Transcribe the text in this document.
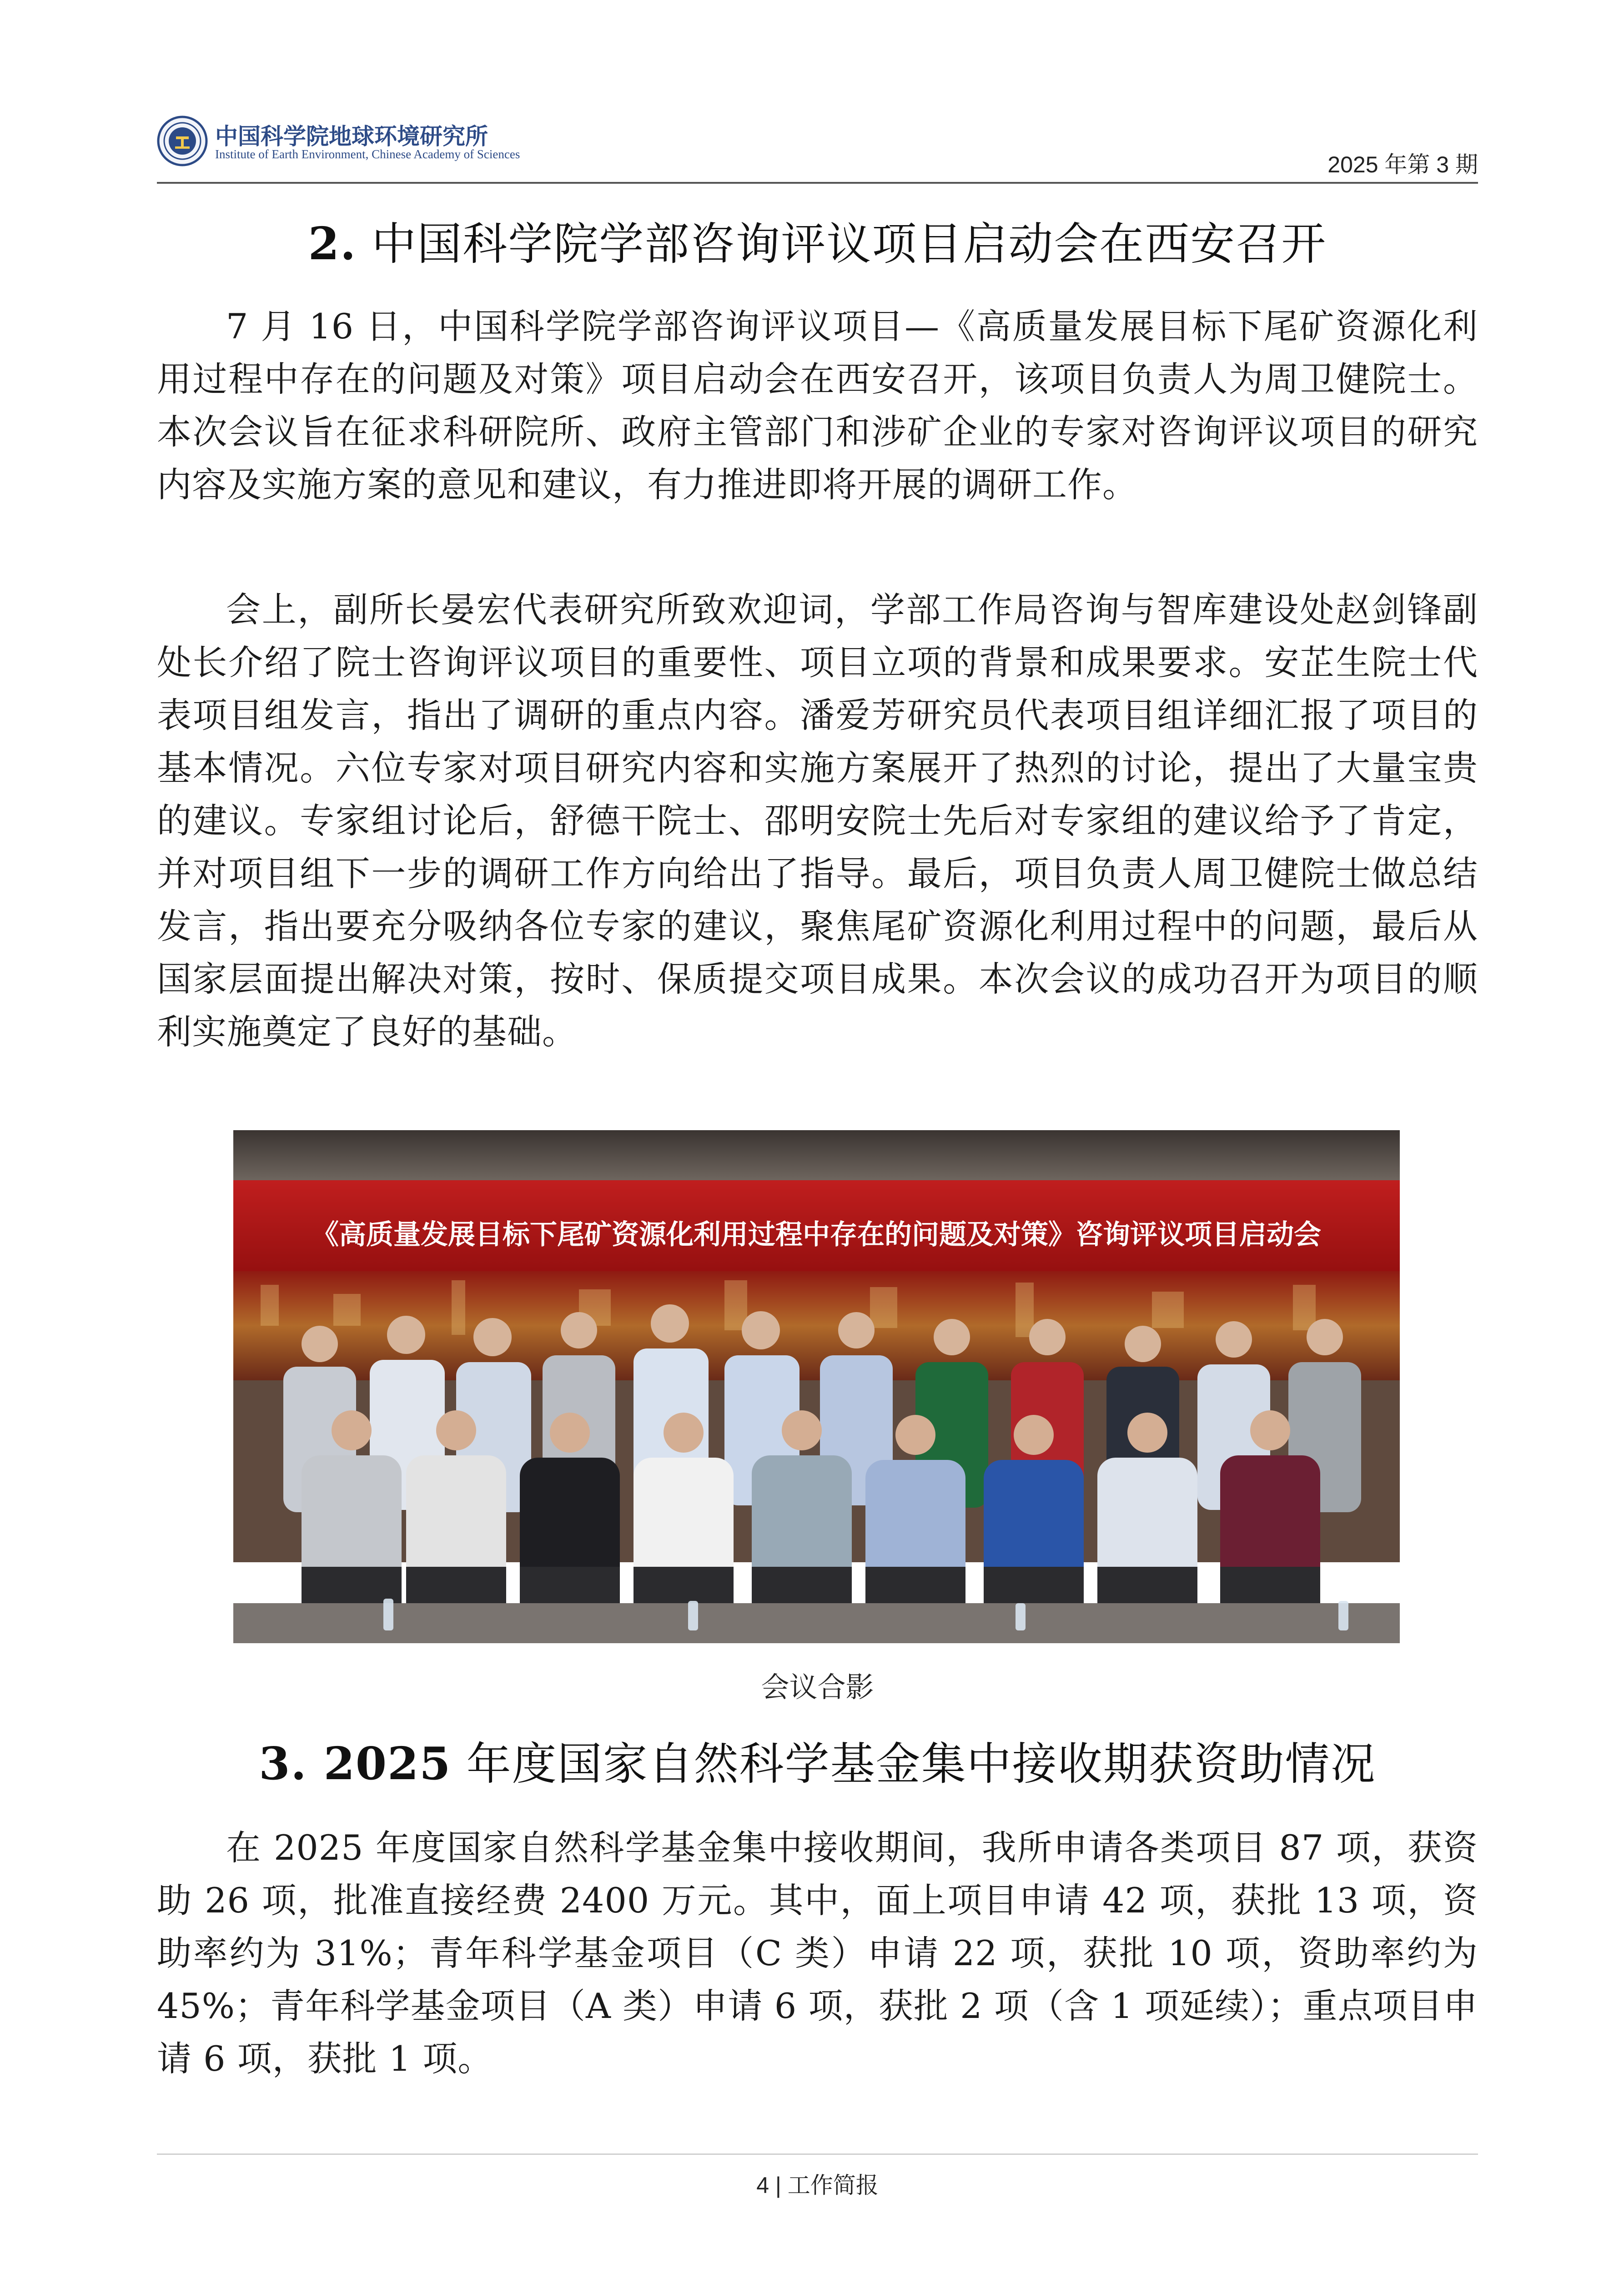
中国科学院地球环境研究所
Institute of Earth Environment, Chinese Academy of Sciences	2025 年第 3 期
2. 中国科学院学部咨询评议项目启动会在西安召开

7 月 16 日，中国科学院学部咨询评议项目—《高质量发展目标下尾矿资源化利用过程中存在的问题及对策》项目启动会在西安召开，该项目负责人为周卫健院士。本次会议旨在征求科研院所、政府主管部门和涉矿企业的专家对咨询评议项目的研究内容及实施方案的意见和建议，有力推进即将开展的调研工作。

会上，副所长晏宏代表研究所致欢迎词，学部工作局咨询与智库建设处赵剑锋副处长介绍了院士咨询评议项目的重要性、项目立项的背景和成果要求。安芷生院士代表项目组发言，指出了调研的重点内容。潘爱芳研究员代表项目组详细汇报了项目的基本情况。六位专家对项目研究内容和实施方案展开了热烈的讨论，提出了大量宝贵的建议。专家组讨论后，舒德干院士、邵明安院士先后对专家组的建议给予了肯定，并对项目组下一步的调研工作方向给出了指导。最后，项目负责人周卫健院士做总结发言，指出要充分吸纳各位专家的建议，聚焦尾矿资源化利用过程中的问题，最后从国家层面提出解决对策，按时、保质提交项目成果。本次会议的成功召开为项目的顺利实施奠定了良好的基础。

《高质量发展目标下尾矿资源化利用过程中存在的问题及对策》咨询评议项目启动会
会议合影
3. 2025 年度国家自然科学基金集中接收期获资助情况

在 2025 年度国家自然科学基金集中接收期间，我所申请各类项目 87 项，获资助 26 项，批准直接经费 2400 万元。其中，面上项目申请 42 项，获批 13 项，资助率约为 31%；青年科学基金项目（C 类）申请 22 项，获批 10 项，资助率约为 45%；青年科学基金项目（A 类）申请 6 项，获批 2 项（含 1 项延续）；重点项目申请 6 项，获批 1 项。

4 | 工作简报
